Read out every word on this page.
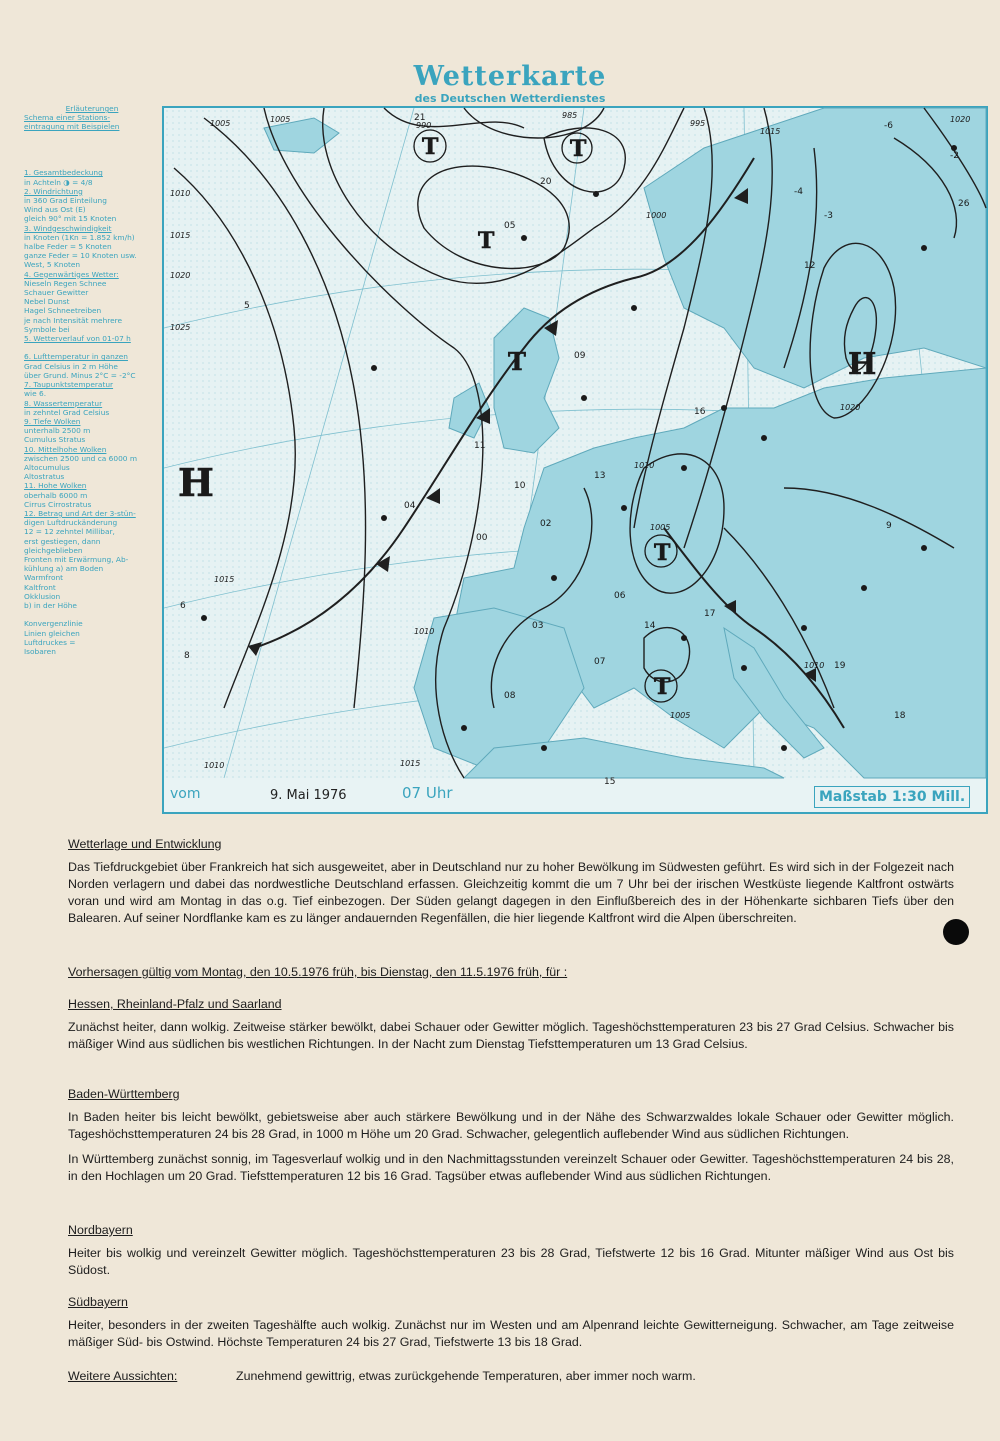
Wetterkarte
des Deutschen Wetterdienstes
Erläuterungen
Schema einer Stations-
eintragung mit Beispielen

1. Gesamtbedeckung
in Achteln ◑ = 4/8
2. Windrichtung
in 360 Grad Einteilung
Wind aus Ost (E)
gleich 90° mit 15 Knoten
3. Windgeschwindigkeit
in Knoten (1Kn = 1.852 km/h)
halbe Feder = 5 Knoten
ganze Feder = 10 Knoten usw.
West, 5 Knoten
4. Gegenwärtiges Wetter:
Nieseln Regen Schnee
Schauer Gewitter
Nebel Dunst
Hagel Schneetreiben
je nach Intensität mehrere
Symbole bei
5. Wetterverlauf von 01-07 h

6. Lufttemperatur in ganzen
Grad Celsius in 2 m Höhe
über Grund. Minus 2°C = -2°C
7. Taupunktstemperatur
wie 6.
8. Wassertemperatur
in zehntel Grad Celsius
9. Tiefe Wolken
unterhalb 2500 m
Cumulus Stratus
10. Mittelhohe Wolken
zwischen 2500 und ca 6000 m
Altocumulus
Altostratus
11. Hohe Wolken
oberhalb 6000 m
Cirrus Cirrostratus
12. Betrag und Art der 3-stün-
digen Luftdruckänderung
12 = 12 zehntel Millibar,
erst gestiegen, dann
gleichgeblieben
Fronten mit Erwärmung, Ab-
kühlung a) am Boden
Warmfront
Kaltfront
Okklusion
b) in der Höhe

Konvergenzlinie
Linien gleichen
Luftdruckes =
Isobaren
H
H
T	T
T
T
T
T
1005
1010
1015
1020
1025
1005
1010	1015
1020
1010
1015
1005
990	995
1000
985
1010
1015
1020
1010
1005
12
13
10
09
11
14
16
15
17
18
19
05
04
06
08
07
02
03
00
20
21
26
-2
-3
-4
-6
9
5
8
6
vom	9. Mai 1976	07 Uhr	Maßstab 1:30 Mill.
Wetterlage und Entwicklung

Das Tiefdruckgebiet über Frankreich hat sich ausgeweitet, aber in Deutschland nur zu hoher Bewölkung im Südwesten geführt. Es wird sich in der Folgezeit nach Norden verlagern und dabei das nordwestliche Deutschland erfassen. Gleichzeitig kommt die um 7 Uhr bei der irischen Westküste liegende Kaltfront ostwärts voran und wird am Montag in das o.g. Tief einbezogen. Der Süden gelangt dagegen in den Einflußbereich des in der Höhenkarte sichbaren Tiefs über den Balearen. Auf seiner Nordflanke kam es zu länger andauernden Regenfällen, die hier liegende Kaltfront wird die Alpen überschreiten.

Vorhersagen gültig vom Montag, den 10.5.1976 früh, bis Dienstag, den 11.5.1976 früh, für :
Hessen, Rheinland-Pfalz und Saarland

Zunächst heiter, dann wolkig. Zeitweise stärker bewölkt, dabei Schauer oder Gewitter möglich. Tageshöchsttemperaturen 23 bis 27 Grad Celsius. Schwacher bis mäßiger Wind aus südlichen bis westlichen Richtungen. In der Nacht zum Dienstag Tiefsttemperaturen um 13 Grad Celsius.

Baden-Württemberg

In Baden heiter bis leicht bewölkt, gebietsweise aber auch stärkere Bewölkung und in der Nähe des Schwarzwaldes lokale Schauer oder Gewitter möglich. Tageshöchsttemperaturen 24 bis 28 Grad, in 1000 m Höhe um 20 Grad. Schwacher, gelegentlich auflebender Wind aus südlichen Richtungen.

In Württemberg zunächst sonnig, im Tagesverlauf wolkig und in den Nachmittagsstunden vereinzelt Schauer oder Gewitter. Tageshöchsttemperaturen 24 bis 28, in den Hochlagen um 20 Grad. Tiefsttemperaturen 12 bis 16 Grad. Tagsüber etwas auflebender Wind aus südlichen Richtungen.

Nordbayern

Heiter bis wolkig und vereinzelt Gewitter möglich. Tageshöchsttemperaturen 23 bis 28 Grad, Tiefstwerte 12 bis 16 Grad. Mitunter mäßiger Wind aus Ost bis Südost.

Südbayern

Heiter, besonders in der zweiten Tageshälfte auch wolkig. Zunächst nur im Westen und am Alpenrand leichte Gewitterneigung. Schwacher, am Tage zeitweise mäßiger Süd- bis Ostwind. Höchste Temperaturen 24 bis 27 Grad, Tiefstwerte 13 bis 18 Grad.

Weitere Aussichten:	Zunehmend gewittrig, etwas zurückgehende Temperaturen, aber immer noch warm.
